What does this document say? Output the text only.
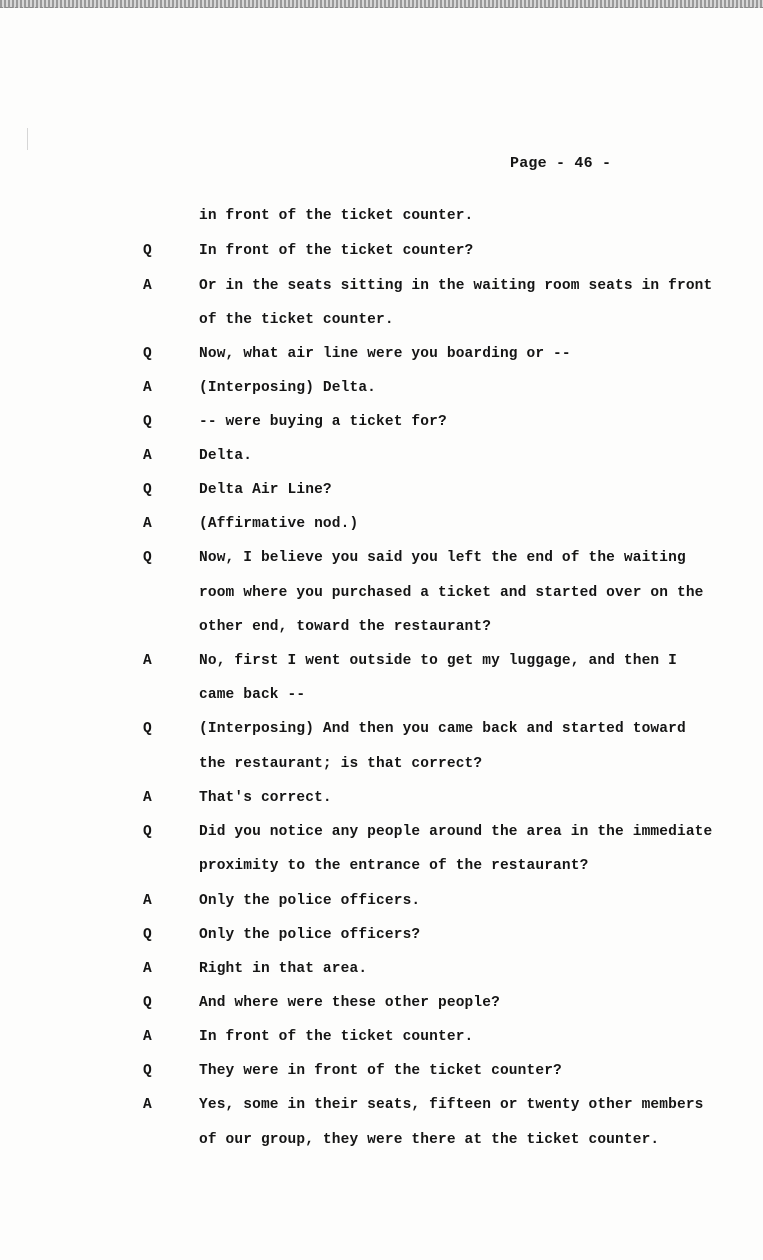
Page - 46 -
in front of the ticket counter.
Q	In front of the ticket counter?
A	Or in the seats sitting in the waiting room seats in front
of the ticket counter.
Q	Now, what air line were you boarding or --
A	(Interposing) Delta.
Q	-- were buying a ticket for?
A	Delta.
Q	Delta Air Line?
A	(Affirmative nod.)
Q	Now, I believe you said you left the end of the waiting
room where you purchased a ticket and started over on the
other end, toward the restaurant?
A	No, first I went outside to get my luggage, and then I
came back --
Q	(Interposing) And then you came back and started toward
the restaurant; is that correct?
A	That's correct.
Q	Did you notice any people around the area in the immediate
proximity to the entrance of the restaurant?
A	Only the police officers.
Q	Only the police officers?
A	Right in that area.
Q	And where were these other people?
A	In front of the ticket counter.
Q	They were in front of the ticket counter?
A	Yes, some in their seats, fifteen or twenty other members
of our group, they were there at the ticket counter.
